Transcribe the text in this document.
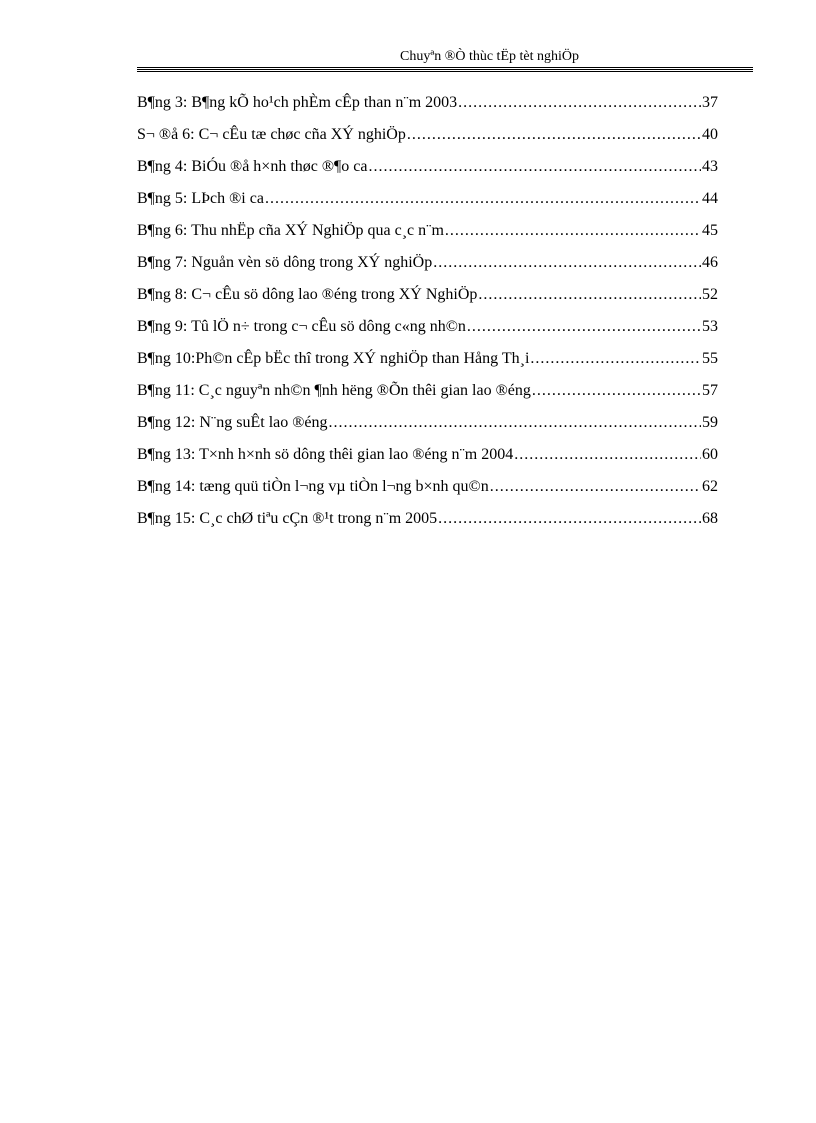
Chuyªn ®Ò thùc tËp tèt nghiÖp
B¶ng 3: B¶ng kÕ ho¹ch phÈm cÊp than n¨m 2003 .....	37
S¬ ®å 6: C¬ cÊu tæ chøc cña XÝ nghiÖp .....	40
B¶ng 4: BiÓu ®å h×nh thøc ®¶o ca .....	43
B¶ng 5: LÞch ®i ca .....	44
B¶ng 6: Thu nhËp cña XÝ NghiÖp qua c¸c n¨m .....	45
B¶ng 7: Nguån vèn sö dông trong XÝ nghiÖp .....	46
B¶ng 8: C¬ cÊu sö dông lao ®éng trong XÝ NghiÖp .....	52
B¶ng 9: Tû lÖ n÷ trong c¬ cÊu sö dông c«ng nh©n .....	53
B¶ng 10:Ph©n cÊp bËc thî trong XÝ nghiÖp than Hång Th¸i .....	55
B¶ng 11: C¸c nguyªn nh©n ¶nh hëng ®Õn thêi gian lao ®éng .....	57
B¶ng 12: N¨ng suÊt lao ®éng .....	59
B¶ng 13: T×nh h×nh sö dông thêi gian lao ®éng n¨m 2004 .....	60
B¶ng 14: tæng quü tiÒn l¬ng vµ tiÒn l¬ng b×nh qu©n .....	62
B¶ng 15: C¸c chØ tiªu cÇn ®¹t trong n¨m 2005 .....	68
